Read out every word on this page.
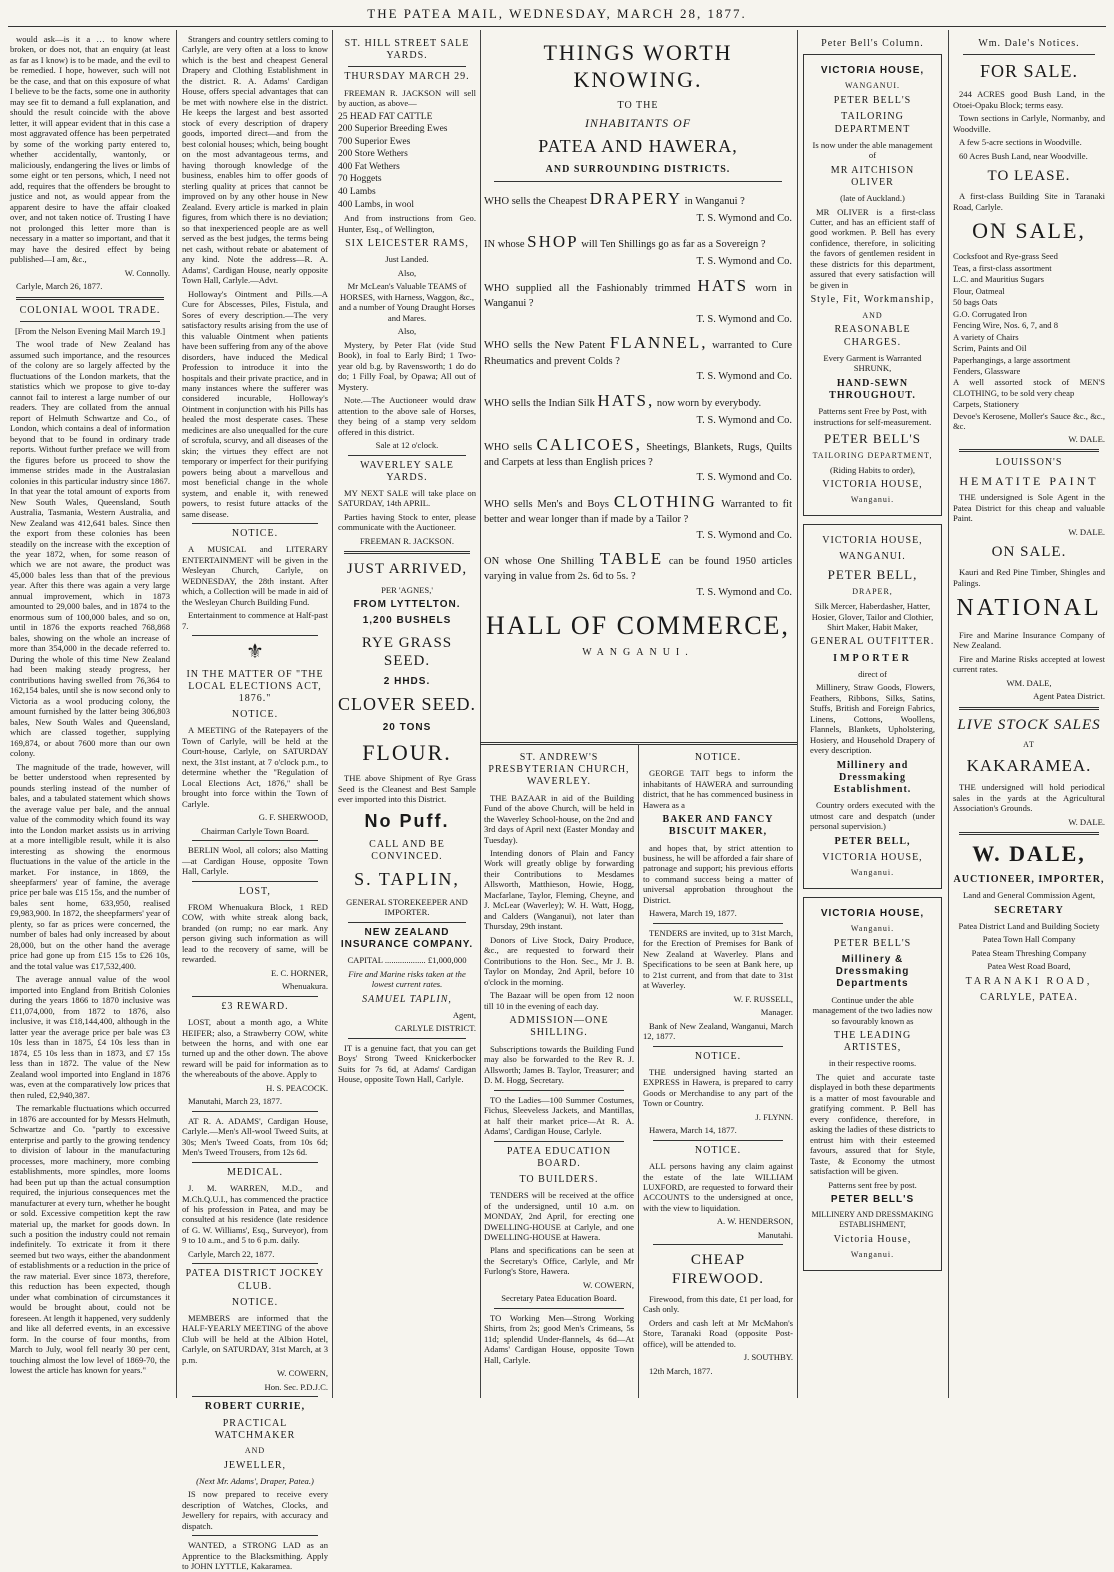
THE PATEA MAIL, WEDNESDAY, MARCH 28, 1877.

would ask—is it a … to know where broken, or does not, that an enquiry (at least as far as I know) is to be made, and the evil to be remedied. I hope, however, such will not be the case, and that on this exposure of what I believe to be the facts, some one in authority may see fit to demand a full explanation, and should the result coincide with the above letter, it will appear evident that in this case a most aggravated offence has been perpetrated by some of the working party entered to, whether accidentally, wantonly, or maliciously, endangering the lives or limbs of some eight or ten persons, which, I need not add, requires that the offenders be brought to justice and not, as would appear from the apparent desire to have the affair cloaked over, and not taken notice of. Trusting I have not prolonged this letter more than is necessary in a matter so important, and that it may have the desired effect by being published—I am, &c.,

W. Connolly.

Carlyle, March 26, 1877.

COLONIAL WOOL TRADE.

[From the Nelson Evening Mail March 19.]

The wool trade of New Zealand has assumed such importance, and the resources of the colony are so largely affected by the fluctuations of the London markets, that the statistics which we propose to give to-day cannot fail to interest a large number of our readers. They are collated from the annual report of Helmuth Schwartze and Co., of London, which contains a deal of information beyond that to be found in ordinary trade reports. Without further preface we will from the figures before us proceed to show the immense strides made in the Australasian colonies in this particular industry since 1867. In that year the total amount of exports from New South Wales, Queensland, South Australia, Tasmania, Western Australia, and New Zealand was 412,641 bales. Since then the export from these colonies has been steadily on the increase with the exception of the year 1872, when, for some reason of which we are not aware, the product was 45,000 bales less than that of the previous year. After this there was again a very large annual improvement, which in 1873 amounted to 29,000 bales, and in 1874 to the enormous sum of 100,000 bales, and so on, until in 1876 the exports reached 768,868 bales, showing on the whole an increase of more than 354,000 in the decade referred to. During the whole of this time New Zealand had been making steady progress, her contributions having swelled from 76,364 to 162,154 bales, until she is now second only to Victoria as a wool producing colony, the amount furnished by the latter being 306,803 bales, New South Wales and Queensland, which are classed together, supplying 169,874, or about 7600 more than our own colony.

The magnitude of the trade, however, will be better understood when represented by pounds sterling instead of the number of bales, and a tabulated statement which shows the average value per bale, and the annual value of the commodity which found its way into the London market assists us in arriving at a more intelligible result, while it is also interesting as showing the enormous fluctuations in the value of the article in the market. For instance, in 1869, the sheepfarmers' year of famine, the average price per bale was £15 15s, and the number of bales sent home, 633,950, realised £9,983,900. In 1872, the sheepfarmers' year of plenty, so far as prices were concerned, the number of bales had only increased by about 28,000, but on the other hand the average price had gone up from £15 15s to £26 10s, and the total value was £17,532,400.

The average annual value of the wool imported into England from British Colonies during the years 1866 to 1870 inclusive was £11,074,000, from 1872 to 1876, also inclusive, it was £18,144,400, although in the latter year the average price per bale was £3 10s less than in 1875, £4 10s less than in 1874, £5 10s less than in 1873, and £7 15s less than in 1872. The value of the New Zealand wool imported into England in 1876 was, even at the comparatively low prices that then ruled, £2,940,387.

The remarkable fluctuations which occurred in 1876 are accounted for by Messrs Helmuth, Schwartze and Co. "partly to excessive enterprise and partly to the growing tendency to division of labour in the manufacturing processes, more machinery, more combing establishments, more spindles, more looms had been put up than the actual consumption required, the injurious consequences met the manufacturer at every turn, whether he bought or sold. Excessive competition kept the raw material up, the market for goods down. In such a position the industry could not remain indefinitely. To extricate it from it there seemed but two ways, either the abandonment of establishments or a reduction in the price of the raw material. Ever since 1873, therefore, this reduction has been expected, though under what combination of circumstances it would be brought about, could not be foreseen. At length it happened, very suddenly and like all deferred events, in an excessive form. In the course of four months, from March to July, wool fell nearly 30 per cent, touching almost the low level of 1869-70, the lowest the article has known for years."

Strangers and country settlers coming to Carlyle, are very often at a loss to know which is the best and cheapest General Drapery and Clothing Establishment in the district. R. A. Adams' Cardigan House, offers special advantages that can be met with nowhere else in the district. He keeps the largest and best assorted stock of every description of drapery goods, imported direct—and from the best colonial houses; which, being bought on the most advantageous terms, and having thorough knowledge of the business, enables him to offer goods of sterling quality at prices that cannot be improved on by any other house in New Zealand. Every article is marked in plain figures, from which there is no deviation; so that inexperienced people are as well served as the best judges, the terms being net cash, without rebate or abatement of any kind. Note the address—R. A. Adams', Cardigan House, nearly opposite Town Hall, Carlyle.—Advt.

Holloway's Ointment and Pills.—A Cure for Abscesses, Piles, Fistula, and Sores of every description.—The very satisfactory results arising from the use of this valuable Ointment when patients have been suffering from any of the above disorders, have induced the Medical Profession to introduce it into the hospitals and their private practice, and in many instances where the sufferer was considered incurable, Holloway's Ointment in conjunction with his Pills has healed the most desperate cases. These medicines are also unequalled for the cure of scrofula, scurvy, and all diseases of the skin; the virtues they effect are not temporary or imperfect for their purifying powers being about a marvellous and most beneficial change in the whole system, and enable it, with renewed powers, to resist future attacks of the same disease.

NOTICE.

A MUSICAL and LITERARY ENTERTAINMENT will be given in the Wesleyan Church, Carlyle, on WEDNESDAY, the 28th instant. After which, a Collection will be made in aid of the Wesleyan Church Building Fund.

Entertainment to commence at Half-past 7.

⚜
IN THE MATTER OF "THE LOCAL ELECTIONS ACT, 1876."
NOTICE.

A MEETING of the Ratepayers of the Town of Carlyle, will be held at the Court-house, Carlyle, on SATURDAY next, the 31st instant, at 7 o'clock p.m., to determine whether the "Regulation of Local Elections Act, 1876," shall be brought into force within the Town of Carlyle.

G. F. SHERWOOD,

Chairman Carlyle Town Board.

BERLIN Wool, all colors; also Matting —at Cardigan House, opposite Town Hall, Carlyle.

LOST,

FROM Whenuakura Block, 1 RED COW, with white streak along back, branded (on rump; no ear mark. Any person giving such information as will lead to the recovery of same, will be rewarded.

E. C. HORNER,

Whenuakura.

£3 REWARD.

LOST, about a month ago, a White HEIFER; also, a Strawberry COW, white between the horns, and with one ear turned up and the other down. The above reward will be paid for information as to the whereabouts of the above. Apply to

H. S. PEACOCK.

Manutahi, March 23, 1877.

AT R. A. ADAMS', Cardigan House, Carlyle.—Men's All-wool Tweed Suits, at 30s; Men's Tweed Coats, from 10s 6d; Men's Tweed Trousers, from 12s 6d.

MEDICAL.

J. M. WARREN, M.D., and M.Ch.Q.U.I., has commenced the practice of his profession in Patea, and may be consulted at his residence (late residence of G. W. Williams', Esq., Surveyor), from 9 to 10 a.m., and 5 to 6 p.m. daily.

Carlyle, March 22, 1877.

PATEA DISTRICT JOCKEY CLUB.
NOTICE.

MEMBERS are informed that the HALF-YEARLY MEETING of the above Club will be held at the Albion Hotel, Carlyle, on SATURDAY, 31st March, at 3 p.m.

W. COWERN,

Hon. Sec. P.D.J.C.

ROBERT CURRIE,
PRACTICAL WATCHMAKER
AND
JEWELLER,

(Next Mr. Adams', Draper, Patea.)

IS now prepared to receive every description of Watches, Clocks, and Jewellery for repairs, with accuracy and dispatch.

WANTED, a STRONG LAD as an Apprentice to the Blacksmithing. Apply to JOHN LYTTLE, Kakaramea.

ST. HILL STREET SALE YARDS.
THURSDAY MARCH 29.

FREEMAN R. JACKSON will sell by auction, as above—

25 HEAD FAT CATTLE
200 Superior Breeding Ewes
700 Superior Ewes
200 Store Wethers
400 Fat Wethers
70 Hoggets
40 Lambs
400 Lambs, in wool

And from instructions from Geo. Hunter, Esq., of Wellington,

SIX LEICESTER RAMS,

Just Landed.

Also,

Mr McLean's Valuable TEAMS of HORSES, with Harness, Waggon, &c., and a number of Young Draught Horses and Mares.

Also,

Mystery, by Peter Flat (vide Stud Book), in foal to Early Bird; 1 Two-year old b.g. by Ravensworth; 1 do do do; 1 Filly Foal, by Opawa; All out of Mystery.

Note.—The Auctioneer would draw attention to the above sale of Horses, they being of a stamp very seldom offered in this district.

Sale at 12 o'clock.

WAVERLEY SALE YARDS.

MY NEXT SALE will take place on SATURDAY, 14th APRIL.

Parties having Stock to enter, please communicate with the Auctioneer.

FREEMAN R. JACKSON.

JUST ARRIVED,

PER 'AGNES,'

FROM LYTTELTON.
1,200 BUSHELS
RYE GRASS SEED.
2 HHDS.
CLOVER SEED.
20 TONS
FLOUR.

THE above Shipment of Rye Grass Seed is the Cleanest and Best Sample ever imported into this District.

No Puff.
CALL AND BE CONVINCED.
S. TAPLIN,

GENERAL STOREKEEPER AND IMPORTER.

NEW ZEALAND INSURANCE COMPANY.

CAPITAL ................... £1,000,000

Fire and Marine risks taken at the lowest current rates.

SAMUEL TAPLIN,

Agent,

CARLYLE DISTRICT.

IT is a genuine fact, that you can get Boys' Strong Tweed Knickerbocker Suits for 7s 6d, at Adams' Cardigan House, opposite Town Hall, Carlyle.

THINGS WORTH KNOWING.
TO THE
INHABITANTS OF
PATEA AND HAWERA,
AND SURROUNDING DISTRICTS.
WHO sells the Cheapest DRAPERY in Wanganui ?
T. S. Wymond and Co.
IN whose SHOP will Ten Shillings go as far as a Sovereign ?
T. S. Wymond and Co.
WHO supplied all the Fashionably trimmed HATS worn in Wanganui ?
T. S. Wymond and Co.
WHO sells the New Patent FLANNEL, warranted to Cure Rheumatics and prevent Colds ?
T. S. Wymond and Co.
WHO sells the Indian Silk HATS, now worn by everybody.
T. S. Wymond and Co.
WHO sells CALICOES, Sheetings, Blankets, Rugs, Quilts and Carpets at less than English prices ?
T. S. Wymond and Co.
WHO sells Men's and Boys CLOTHING Warranted to fit better and wear longer than if made by a Tailor ?
T. S. Wymond and Co.
ON whose One Shilling TABLE can be found 1950 articles varying in value from 2s. 6d to 5s. ?
T. S. Wymond and Co.
HALL OF COMMERCE,
WANGANUI.
ST. ANDREW'S PRESBYTERIAN CHURCH, WAVERLEY.

THE BAZAAR in aid of the Building Fund of the above Church, will be held in the Waverley School-house, on the 2nd and 3rd days of April next (Easter Monday and Tuesday).

Intending donors of Plain and Fancy Work will greatly oblige by forwarding their Contributions to Mesdames Allsworth, Matthieson, Howie, Hogg, Macfarlane, Taylor, Fleming, Cheyne, and J. McLear (Waverley); W. H. Watt, Hogg, and Calders (Wanganui), not later than Thursday, 29th instant.

Donors of Live Stock, Dairy Produce, &c., are requested to forward their Contributions to the Hon. Sec., Mr J. B. Taylor on Monday, 2nd April, before 10 o'clock in the morning.

The Bazaar will be open from 12 noon till 10 in the evening of each day.

ADMISSION—ONE SHILLING.

Subscriptions towards the Building Fund may also be forwarded to the Rev R. J. Allsworth; James B. Taylor, Treasurer; and D. M. Hogg, Secretary.

TO the Ladies—100 Summer Costumes, Fichus, Sleeveless Jackets, and Mantillas, at half their market price—At R. A. Adams', Cardigan House, Carlyle.

PATEA EDUCATION BOARD.
TO BUILDERS.

TENDERS will be received at the office of the undersigned, until 10 a.m. on MONDAY, 2nd April, for erecting one DWELLING-HOUSE at Carlyle, and one DWELLING-HOUSE at Hawera.

Plans and specifications can be seen at the Secretary's Office, Carlyle, and Mr Furlong's Store, Hawera.

W. COWERN,

Secretary Patea Education Board.

TO Working Men—Strong Working Shirts, from 2s; good Men's Crimeans, 5s 11d; splendid Under-flannels, 4s 6d—At Adams' Cardigan House, opposite Town Hall, Carlyle.

NOTICE.

GEORGE TAIT begs to inform the inhabitants of HAWERA and surrounding district, that he has commenced business in Hawera as a

BAKER AND FANCY BISCUIT MAKER,

and hopes that, by strict attention to business, he will be afforded a fair share of patronage and support; his previous efforts to command success being a matter of universal approbation throughout the District.

Hawera, March 19, 1877.

TENDERS are invited, up to 31st March, for the Erection of Premises for Bank of New Zealand at Waverley. Plans and Specifications to be seen at Bank here, up to 21st current, and from that date to 31st at Waverley.

W. F. RUSSELL,

Manager.

Bank of New Zealand, Wanganui, March 12, 1877.

NOTICE.

THE undersigned having started an EXPRESS in Hawera, is prepared to carry Goods or Merchandise to any part of the Town or Country.

J. FLYNN.

Hawera, March 14, 1877.

NOTICE.

ALL persons having any claim against the estate of the late WILLIAM LUXFORD, are requested to forward their ACCOUNTS to the undersigned at once, with the view to liquidation.

A. W. HENDERSON,

Manutahi.

CHEAP FIREWOOD.

Firewood, from this date, £1 per load, for Cash only.

Orders and cash left at Mr McMahon's Store, Taranaki Road (opposite Post-office), will be attended to.

J. SOUTHBY.

12th March, 1877.

Peter Bell's Column.
VICTORIA HOUSE,
WANGANUI.
PETER BELL'S
TAILORING DEPARTMENT

Is now under the able management of

MR AITCHISON OLIVER

(late of Auckland.)

MR OLIVER is a first-class Cutter, and has an efficient staff of good workmen. P. Bell has every confidence, therefore, in soliciting the favors of gentlemen resident in these districts for this department, assured that every satisfaction will be given in

Style, Fit, Workmanship,
AND
REASONABLE CHARGES.

Every Garment is Warranted SHRUNK,

HAND-SEWN THROUGHOUT.

Patterns sent Free by Post, with instructions for self-measurement.

PETER BELL'S
TAILORING DEPARTMENT,

(Riding Habits to order),

VICTORIA HOUSE,
Wanganui.
VICTORIA HOUSE,
WANGANUI.
PETER BELL,
DRAPER,

Silk Mercer, Haberdasher, Hatter, Hosier, Glover, Tailor and Clothier, Shirt Maker, Habit Maker,

GENERAL OUTFITTER.
IMPORTER

direct of

Millinery, Straw Goods, Flowers, Feathers, Ribbons, Silks, Satins, Stuffs, British and Foreign Fabrics, Linens, Cottons, Woollens, Flannels, Blankets, Upholstering, Hosiery, and Household Drapery of every description.

Millinery and Dressmaking Establishment.

Country orders executed with the utmost care and despatch (under personal supervision.)

PETER BELL,
VICTORIA HOUSE,
Wanganui.
VICTORIA HOUSE,
Wanganui.
PETER BELL'S
Millinery & Dressmaking Departments

Continue under the able management of the two ladies now so favourably known as

THE LEADING ARTISTES,

in their respective rooms.

The quiet and accurate taste displayed in both these departments is a matter of most favourable and gratifying comment. P. Bell has every confidence, therefore, in asking the ladies of these districts to entrust him with their esteemed favours, assured that for Style, Taste, & Economy the utmost satisfaction will be given.

Patterns sent free by post.

PETER BELL'S

MILLINERY AND DRESSMAKING ESTABLISHMENT,

Victoria House,
Wanganui.
Wm. Dale's Notices.
FOR SALE.

244 ACRES good Bush Land, in the Otoei-Opaku Block; terms easy.

Town sections in Carlyle, Normanby, and Woodville.

A few 5-acre sections in Woodville.

60 Acres Bush Land, near Woodville.

TO LEASE.

A first-class Building Site in Taranaki Road, Carlyle.

ON SALE,
Cocksfoot and Rye-grass Seed
Teas, a first-class assortment
L.C. and Mauritius Sugars
Flour, Oatmeal
50 bags Oats
G.O. Corrugated Iron
Fencing Wire, Nos. 6, 7, and 8
A variety of Chairs
Scrim, Paints and Oil
Paperhangings, a large assortment
Fenders, Glassware
A well assorted stock of MEN'S CLOTHING, to be sold very cheap
Carpets, Stationery
Devoe's Kerosene, Moller's Sauce &c., &c., &c.

W. DALE.

LOUISSON'S
HEMATITE PAINT

THE undersigned is Sole Agent in the Patea District for this cheap and valuable Paint.

W. DALE.

ON SALE.

Kauri and Red Pine Timber, Shingles and Palings.

NATIONAL

Fire and Marine Insurance Company of New Zealand.

Fire and Marine Risks accepted at lowest current rates.

WM. DALE,

Agent Patea District.

LIVE STOCK SALES
AT
KAKARAMEA.

THE undersigned will hold periodical sales in the yards at the Agricultural Association's Grounds.

W. DALE.

W. DALE,
AUCTIONEER, IMPORTER,

Land and General Commission Agent,

SECRETARY

Patea District Land and Building Society

Patea Town Hall Company

Patea Steam Threshing Company

Patea West Road Board,

TARANAKI ROAD,
CARLYLE, PATEA.
